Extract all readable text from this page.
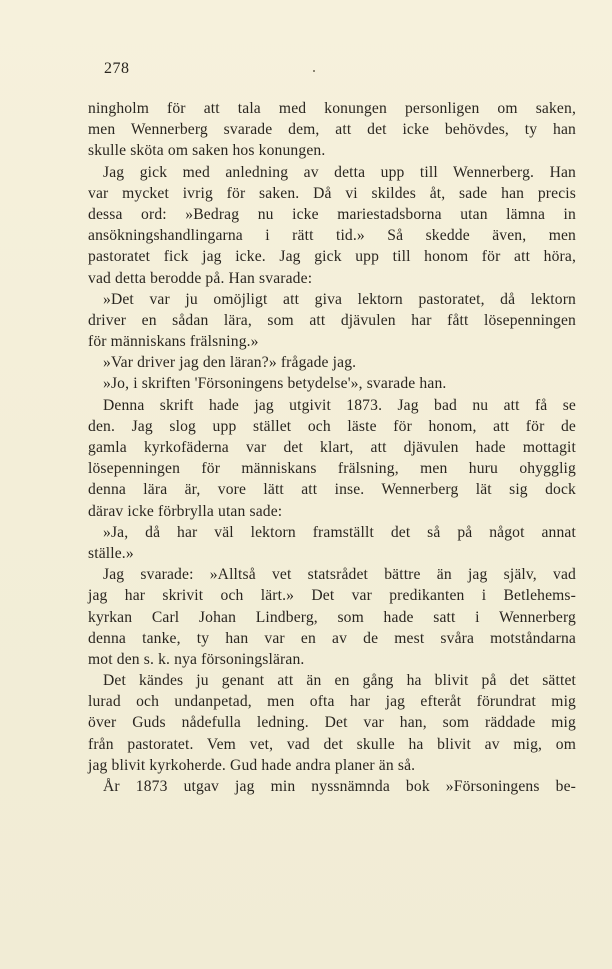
278
ningholm för att tala med konungen personligen om saken,
men Wennerberg svarade dem, att det icke behövdes, ty han
skulle sköta om saken hos konungen.
Jag gick med anledning av detta upp till Wennerberg. Han
var mycket ivrig för saken. Då vi skildes åt, sade han precis
dessa ord: »Bedrag nu icke mariestadsborna utan lämna in
ansökningshandlingarna i rätt tid.» Så skedde även, men
pastoratet fick jag icke. Jag gick upp till honom för att höra,
vad detta berodde på. Han svarade:
»Det var ju omöjligt att giva lektorn pastoratet, då lektorn
driver en sådan lära, som att djävulen har fått lösepenningen
för människans frälsning.»
»Var driver jag den läran?» frågade jag.
»Jo, i skriften 'Försoningens betydelse'», svarade han.
Denna skrift hade jag utgivit 1873. Jag bad nu att få se
den. Jag slog upp stället och läste för honom, att för de
gamla kyrkofäderna var det klart, att djävulen hade mottagit
lösepenningen för människans frälsning, men huru ohygglig
denna lära är, vore lätt att inse. Wennerberg lät sig dock
därav icke förbrylla utan sade:
»Ja, då har väl lektorn framställt det så på något annat
ställe.»
Jag svarade: »Alltså vet statsrådet bättre än jag själv, vad
jag har skrivit och lärt.» Det var predikanten i Betlehems-
kyrkan Carl Johan Lindberg, som hade satt i Wennerberg
denna tanke, ty han var en av de mest svåra motståndarna
mot den s. k. nya försoningsläran.
Det kändes ju genant att än en gång ha blivit på det sättet
lurad och undanpetad, men ofta har jag efteråt förundrat mig
över Guds nådefulla ledning. Det var han, som räddade mig
från pastoratet. Vem vet, vad det skulle ha blivit av mig, om
jag blivit kyrkoherde. Gud hade andra planer än så.
År 1873 utgav jag min nyssnämnda bok »Försoningens be-
